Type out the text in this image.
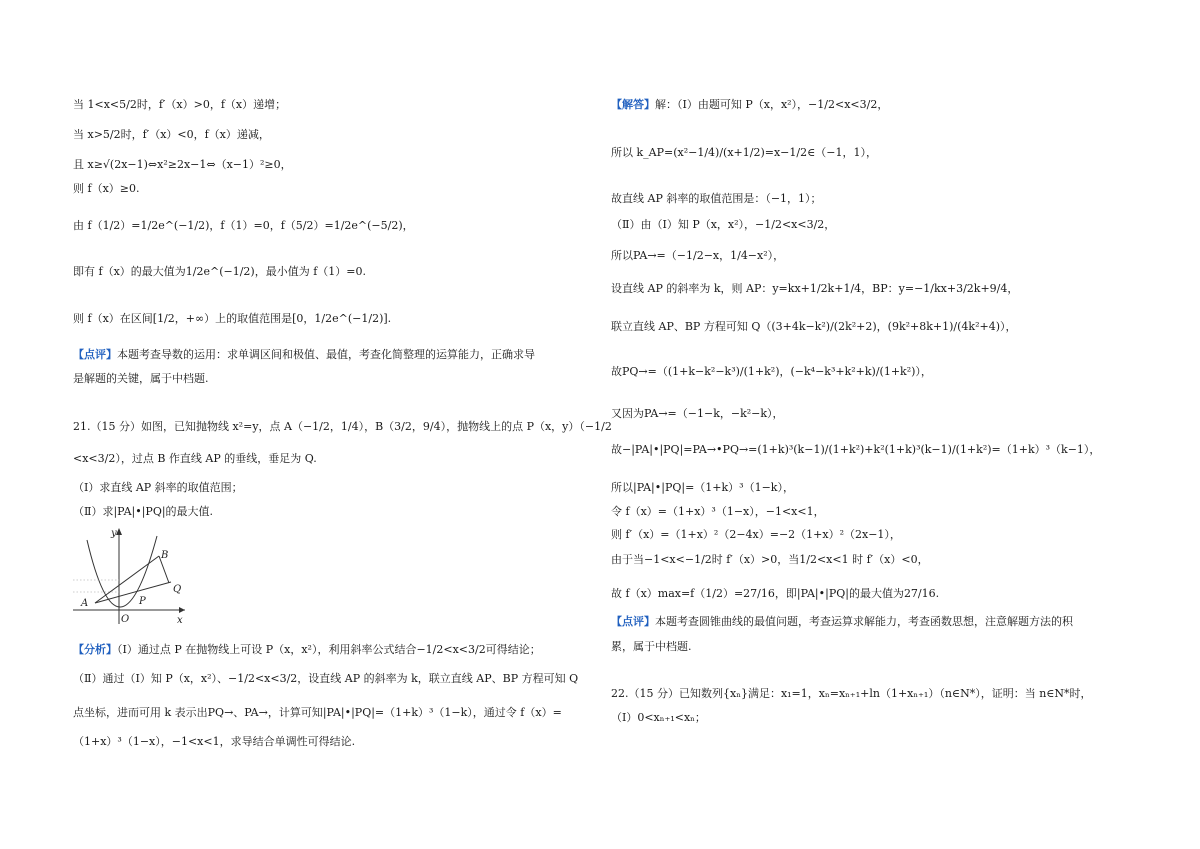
当 1<x<5/2时，f′（x）>0，f（x）递增；
当 x>5/2时，f′（x）<0，f（x）递减，
且 x≥√(2x−1)⇔x²≥2x−1⇔（x−1）²≥0，
则 f（x）≥0.
由 f（1/2）=1/2e^(−1/2)，f（1）=0，f（5/2）=1/2e^(−5/2)，
即有 f（x）的最大值为1/2e^(−1/2)，最小值为 f（1）=0.
则 f（x）在区间[1/2，+∞）上的取值范围是[0，1/2e^(−1/2)].
【点评】本题考查导数的运用：求单调区间和极值、最值，考查化简整理的运算能力，正确求导
是解题的关键，属于中档题.
21.（15 分）如图，已知抛物线 x²=y，点 A（−1/2，1/4），B（3/2，9/4），抛物线上的点 P（x，y）（−1/2
<x<3/2），过点 B 作直线 AP 的垂线，垂足为 Q.
（Ⅰ）求直线 AP 斜率的取值范围；
（Ⅱ）求|PA|•|PQ|的最大值.
【分析】（Ⅰ）通过点 P 在抛物线上可设 P（x，x²），利用斜率公式结合−1/2<x<3/2可得结论；
（Ⅱ）通过（Ⅰ）知 P（x，x²）、−1/2<x<3/2，设直线 AP 的斜率为 k，联立直线 AP、BP 方程可知 Q
点坐标，进而可用 k 表示出PQ→、PA→，计算可知|PA|•|PQ|=（1+k）³（1−k），通过令 f（x）=
（1+x）³（1−x），−1<x<1，求导结合单调性可得结论.
y
x
O
A
B
P
Q
【解答】解：（Ⅰ）由题可知 P（x，x²），−1/2<x<3/2，
所以 k_AP=(x²−1/4)/(x+1/2)=x−1/2∈（−1，1），
故直线 AP 斜率的取值范围是：（−1，1）；
（Ⅱ）由（Ⅰ）知 P（x，x²），−1/2<x<3/2，
所以PA→=（−1/2−x，1/4−x²），
设直线 AP 的斜率为 k，则 AP：y=kx+1/2k+1/4，BP：y=−1/kx+3/2k+9/4，
联立直线 AP、BP 方程可知 Q（(3+4k−k²)/(2k²+2)，(9k²+8k+1)/(4k²+4)），
故PQ→=（(1+k−k²−k³)/(1+k²)，(−k⁴−k³+k²+k)/(1+k²)），
又因为PA→=（−1−k，−k²−k），
故−|PA|•|PQ|=PA→•PQ→=(1+k)³(k−1)/(1+k²)+k²(1+k)³(k−1)/(1+k²)=（1+k）³（k−1），
所以|PA|•|PQ|=（1+k）³（1−k），
令 f（x）=（1+x）³（1−x），−1<x<1，
则 f′（x）=（1+x）²（2−4x）=−2（1+x）²（2x−1），
由于当−1<x<−1/2时 f′（x）>0，当1/2<x<1 时 f′（x）<0，
故 f（x）max=f（1/2）=27/16，即|PA|•|PQ|的最大值为27/16.
【点评】本题考查圆锥曲线的最值问题，考查运算求解能力，考查函数思想，注意解题方法的积
累，属于中档题.
22.（15 分）已知数列{xₙ}满足：x₁=1，xₙ=xₙ₊₁+ln（1+xₙ₊₁）（n∈N*），证明：当 n∈N*时，
（Ⅰ）0<xₙ₊₁<xₙ；
